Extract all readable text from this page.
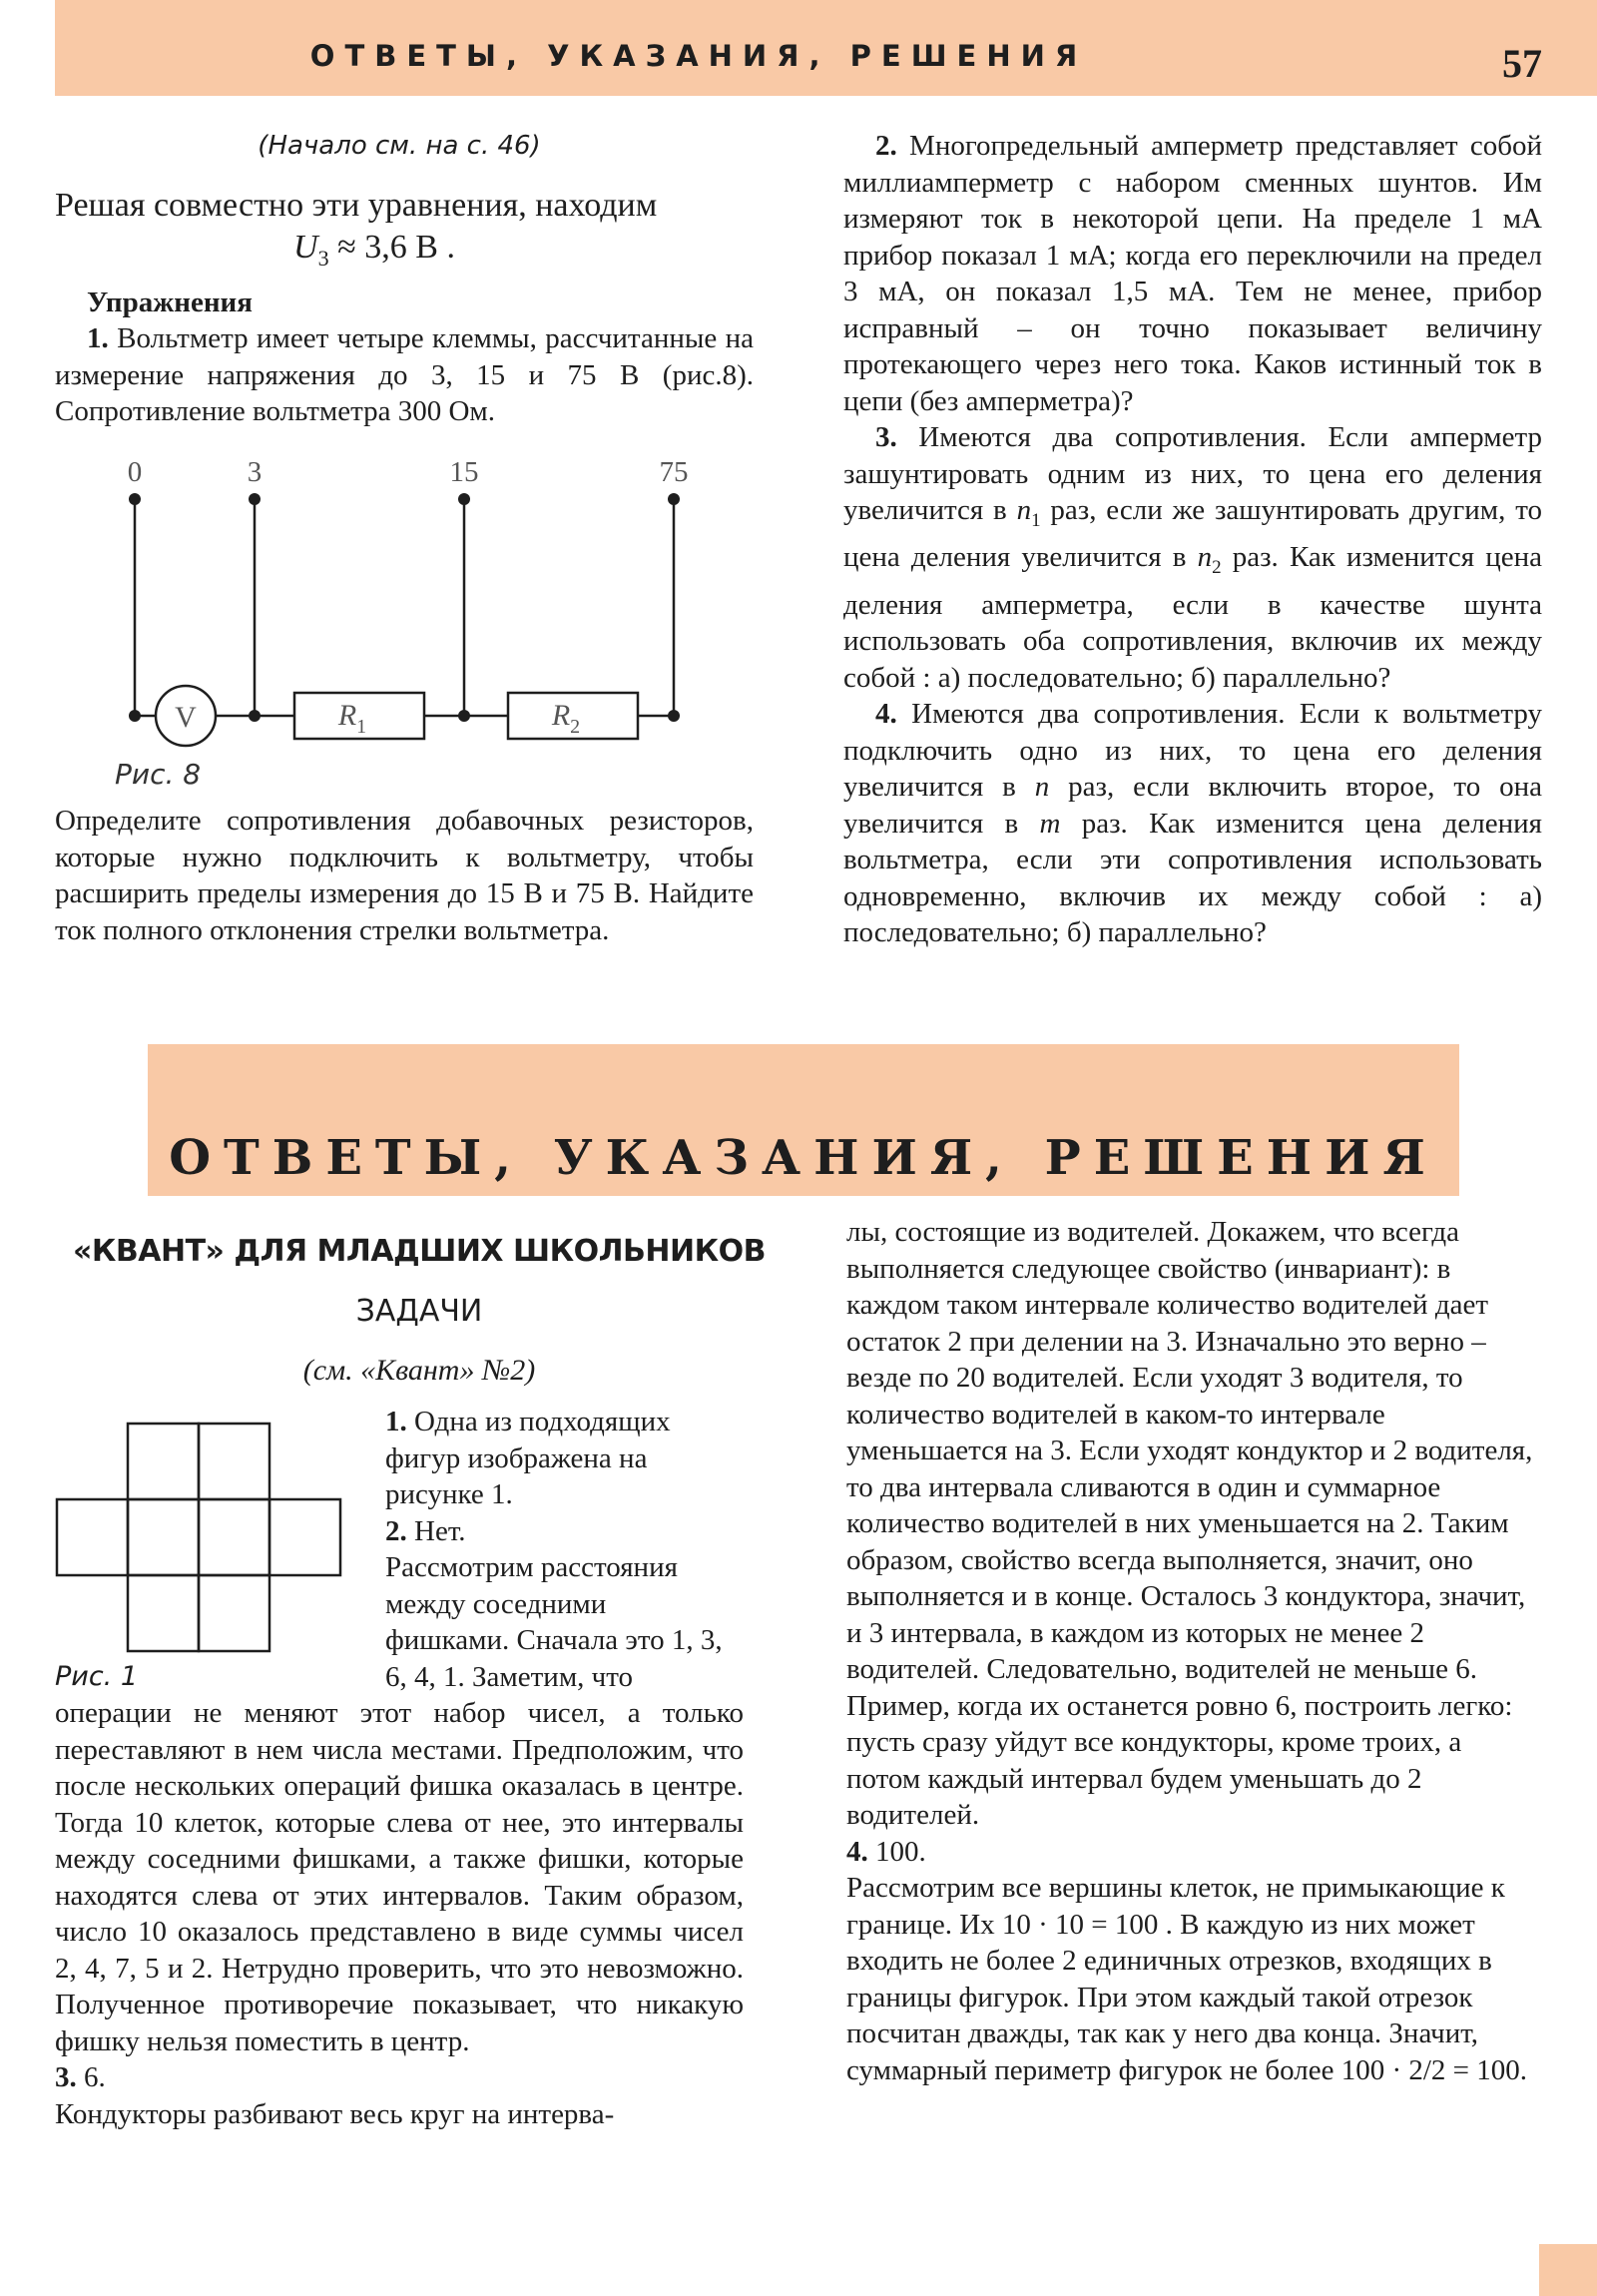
ОТВЕТЫ, УКАЗАНИЯ, РЕШЕНИЯ	57

(Начало см. на с. 46)

Решая совместно эти уравнения, находим

$U_3 \approx 3,6$ В .

Упражнения

1. Вольтметр имеет четыре клеммы, рассчитанные на измерение напряжения до 3, 15 и 75 В (рис.8). Сопротивление вольтметра 300 Ом.

0	3	15	75
V	$R_1$	$R_2$
Рис. 8

Определите сопротивления добавочных резисторов, которые нужно подключить к вольтметру, чтобы расширить пределы измерения до 15 В и 75 В. Найдите ток полного отклонения стрелки вольтметра.

2. Многопредельный амперметр представляет собой миллиамперметр с набором сменных шунтов. Им измеряют ток в некоторой цепи. На пределе 1 мА прибор показал 1 мА; когда его переключили на предел 3 мА, он показал 1,5 мА. Тем не менее, прибор исправный – он точно показывает величину протекающего через него тока. Каков истинный ток в цепи (без амперметра)?

3. Имеются два сопротивления. Если амперметр зашунтировать одним из них, то цена его деления увеличится в $n_1$ раз, если же зашунтировать другим, то цена деления увеличится в $n_2$ раз. Как изменится цена деления амперметра, если в качестве шунта использовать оба сопротивления, включив их между собой : а) последовательно; б) параллельно?

4. Имеются два сопротивления. Если к вольтметру подключить одно из них, то цена его деления увеличится в n раз, если включить второе, то она увеличится в m раз. Как изменится цена деления вольтметра, если эти сопротивления использовать одновременно, включив их между собой : а) последовательно; б) параллельно?

ОТВЕТЫ, УКАЗАНИЯ, РЕШЕНИЯ
«КВАНТ» ДЛЯ МЛАДШИХ ШКОЛЬНИКОВ
ЗАДАЧИ
(см. «Квант» №2)
Рис. 1

1. Одна из подходящих фигур изображена на рисунке 1.

2. Нет.

Рассмотрим расстояния между соседними фишками. Сначала это 1, 3, 6, 4, 1. Заметим, что

операции не меняют этот набор чисел, а только переставляют в нем числа местами. Предположим, что после нескольких операций фишка оказалась в центре. Тогда 10 клеток, которые слева от нее, это интервалы между соседними фишками, а также фишки, которые находятся слева от этих интервалов. Таким образом, число 10 оказалось представлено в виде суммы чисел 2, 4, 7, 5 и 2. Нетрудно проверить, что это невозможно. Полученное противоречие показывает, что никакую фишку нельзя поместить в центр.

3. 6.

Кондукторы разбивают весь круг на интерва-

лы, состоящие из водителей. Докажем, что всегда выполняется следующее свойство (инвариант): в каждом таком интервале количество водителей дает остаток 2 при делении на 3. Изначально это верно – везде по 20 водителей. Если уходят 3 водителя, то количество водителей в каком-то интервале уменьшается на 3. Если уходят кондуктор и 2 водителя, то два интервала сливаются в один и суммарное количество водителей в них уменьшается на 2. Таким образом, свойство всегда выполняется, значит, оно выполняется и в конце. Осталось 3 кондуктора, значит, и 3 интервала, в каждом из которых не менее 2 водителей. Следовательно, водителей не меньше 6. Пример, когда их останется ровно 6, построить легко: пусть сразу уйдут все кондукторы, кроме троих, а потом каждый интервал будем уменьшать до 2 водителей.

4. 100.

Рассмотрим все вершины клеток, не примыкающие к границе. Их 10 · 10 = 100 . В каждую из них может входить не более 2 единичных отрезков, входящих в границы фигурок. При этом каждый такой отрезок посчитан дважды, так как у него два конца. Значит, суммарный периметр фигурок не более 100 · 2/2 = 100.
